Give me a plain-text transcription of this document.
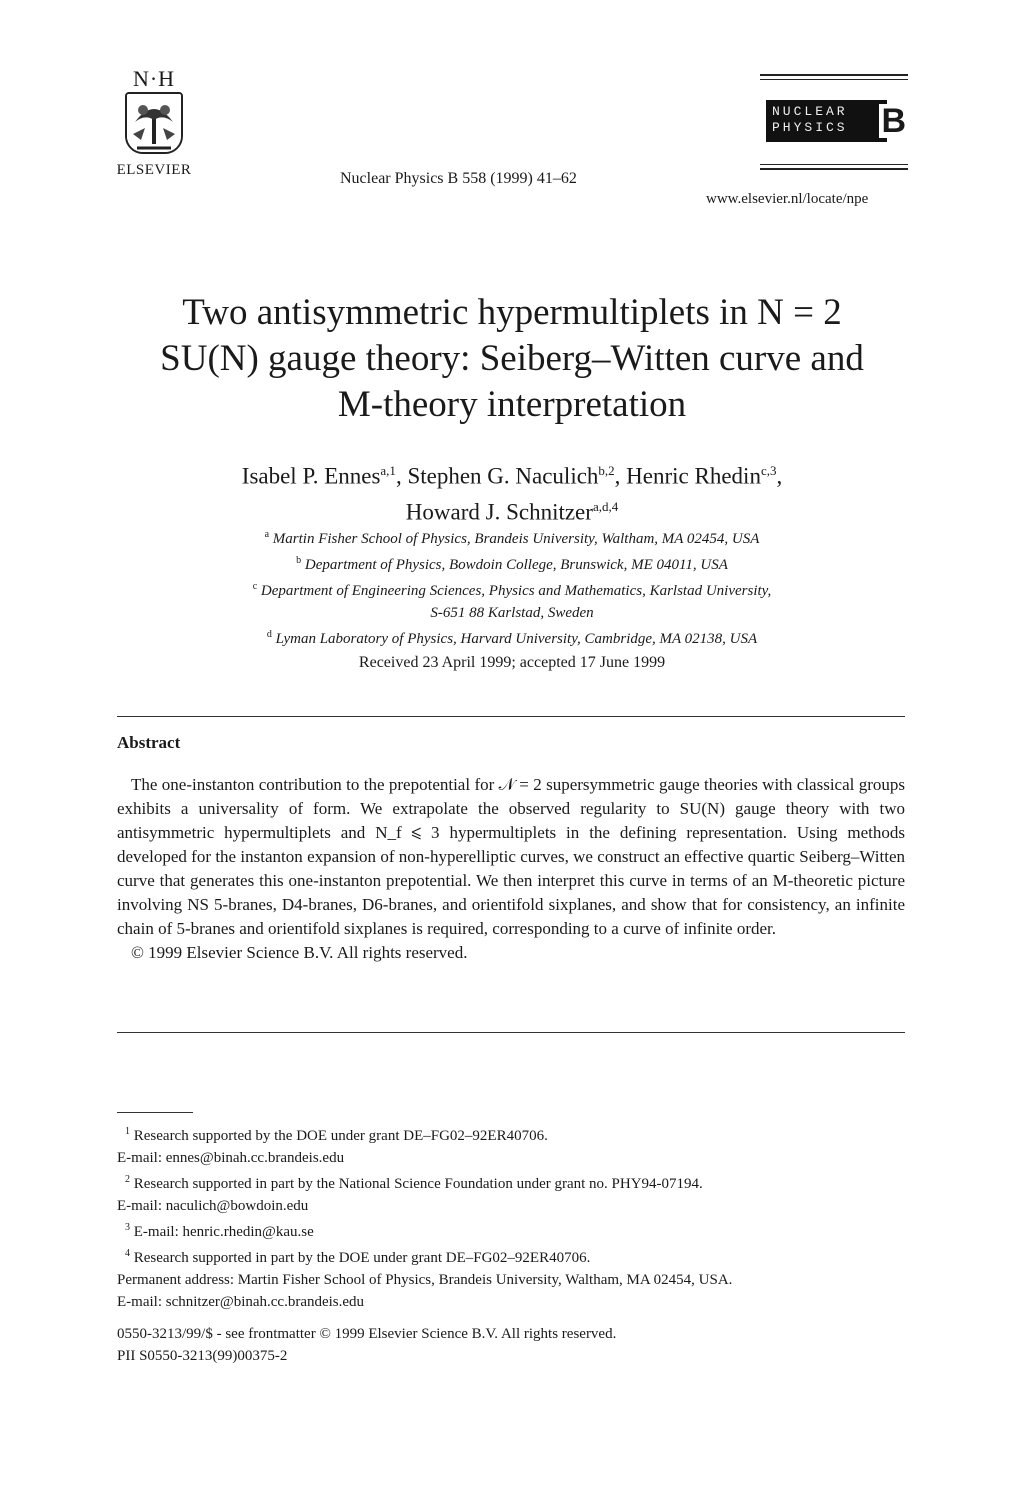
N·H
ELSEVIER	Nuclear Physics B 558 (1999) 41–62
NUCLEAR PHYSICS B
www.elsevier.nl/locate/npe
Two antisymmetric hypermultiplets in N = 2
SU(N) gauge theory: Seiberg–Witten curve and
M-theory interpretation
Isabel P. Ennes$^{a,1}$, Stephen G. Naculich$^{b,2}$, Henric Rhedin$^{c,3}$,
Howard J. Schnitzer$^{a,d,4}$
$^a$ Martin Fisher School of Physics, Brandeis University, Waltham, MA 02454, USA
$^b$ Department of Physics, Bowdoin College, Brunswick, ME 04011, USA
$^c$ Department of Engineering Sciences, Physics and Mathematics, Karlstad University,
S-651 88 Karlstad, Sweden
$^d$ Lyman Laboratory of Physics, Harvard University, Cambridge, MA 02138, USA
Received 23 April 1999; accepted 17 June 1999
Abstract

The one-instanton contribution to the prepotential for 𝒩 = 2 supersymmetric gauge theories with classical groups exhibits a universality of form. We extrapolate the observed regularity to SU(N) gauge theory with two antisymmetric hypermultiplets and N_f ⩽ 3 hypermultiplets in the defining representation. Using methods developed for the instanton expansion of non-hyperelliptic curves, we construct an effective quartic Seiberg–Witten curve that generates this one-instanton prepotential. We then interpret this curve in terms of an M-theoretic picture involving NS 5-branes, D4-branes, D6-branes, and orientifold sixplanes, and show that for consistency, an infinite chain of 5-branes and orientifold sixplanes is required, corresponding to a curve of infinite order.

© 1999 Elsevier Science B.V. All rights reserved.

$^1$ Research supported by the DOE under grant DE–FG02–92ER40706.
E-mail: ennes@binah.cc.brandeis.edu
$^2$ Research supported in part by the National Science Foundation under grant no. PHY94-07194.
E-mail: naculich@bowdoin.edu
$^3$ E-mail: henric.rhedin@kau.se
$^4$ Research supported in part by the DOE under grant DE–FG02–92ER40706.
Permanent address: Martin Fisher School of Physics, Brandeis University, Waltham, MA 02454, USA.
E-mail: schnitzer@binah.cc.brandeis.edu
0550-3213/99/$ - see frontmatter © 1999 Elsevier Science B.V. All rights reserved.
PII S0550-3213(99)00375-2
